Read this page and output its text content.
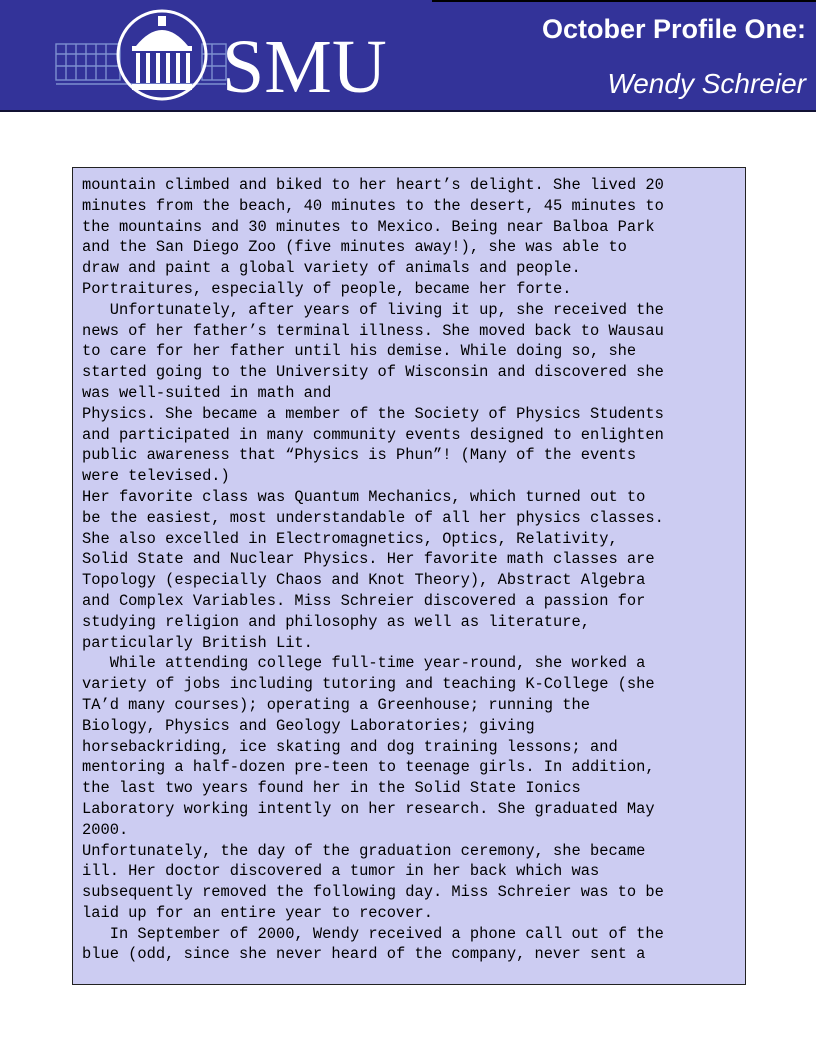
SMU	October Profile One:
Wendy Schreier

mountain climbed and biked to her heart’s delight. She lived 20
minutes from the beach, 40 minutes to the desert, 45 minutes to
the mountains and 30 minutes to Mexico. Being near Balboa Park
and the San Diego Zoo (five minutes away!), she was able to
draw and paint a global variety of animals and people.
Portraitures, especially of people, became her forte.
Unfortunately, after years of living it up, she received the
news of her father’s terminal illness. She moved back to Wausau
to care for her father until his demise. While doing so, she
started going to the University of Wisconsin and discovered she
was well-suited in math and
Physics. She became a member of the Society of Physics Students
and participated in many community events designed to enlighten
public awareness that “Physics is Phun”! (Many of the events
were televised.)
Her favorite class was Quantum Mechanics, which turned out to
be the easiest, most understandable of all her physics classes.
She also excelled in Electromagnetics, Optics, Relativity,
Solid State and Nuclear Physics. Her favorite math classes are
Topology (especially Chaos and Knot Theory), Abstract Algebra
and Complex Variables. Miss Schreier discovered a passion for
studying religion and philosophy as well as literature,
particularly British Lit.
While attending college full-time year-round, she worked a
variety of jobs including tutoring and teaching K-College (she
TA’d many courses); operating a Greenhouse; running the
Biology, Physics and Geology Laboratories; giving
horsebackriding, ice skating and dog training lessons; and
mentoring a half-dozen pre-teen to teenage girls. In addition,
the last two years found her in the Solid State Ionics
Laboratory working intently on her research. She graduated May
2000.
Unfortunately, the day of the graduation ceremony, she became
ill. Her doctor discovered a tumor in her back which was
subsequently removed the following day. Miss Schreier was to be
laid up for an entire year to recover.
In September of 2000, Wendy received a phone call out of the
blue (odd, since she never heard of the company, never sent a
